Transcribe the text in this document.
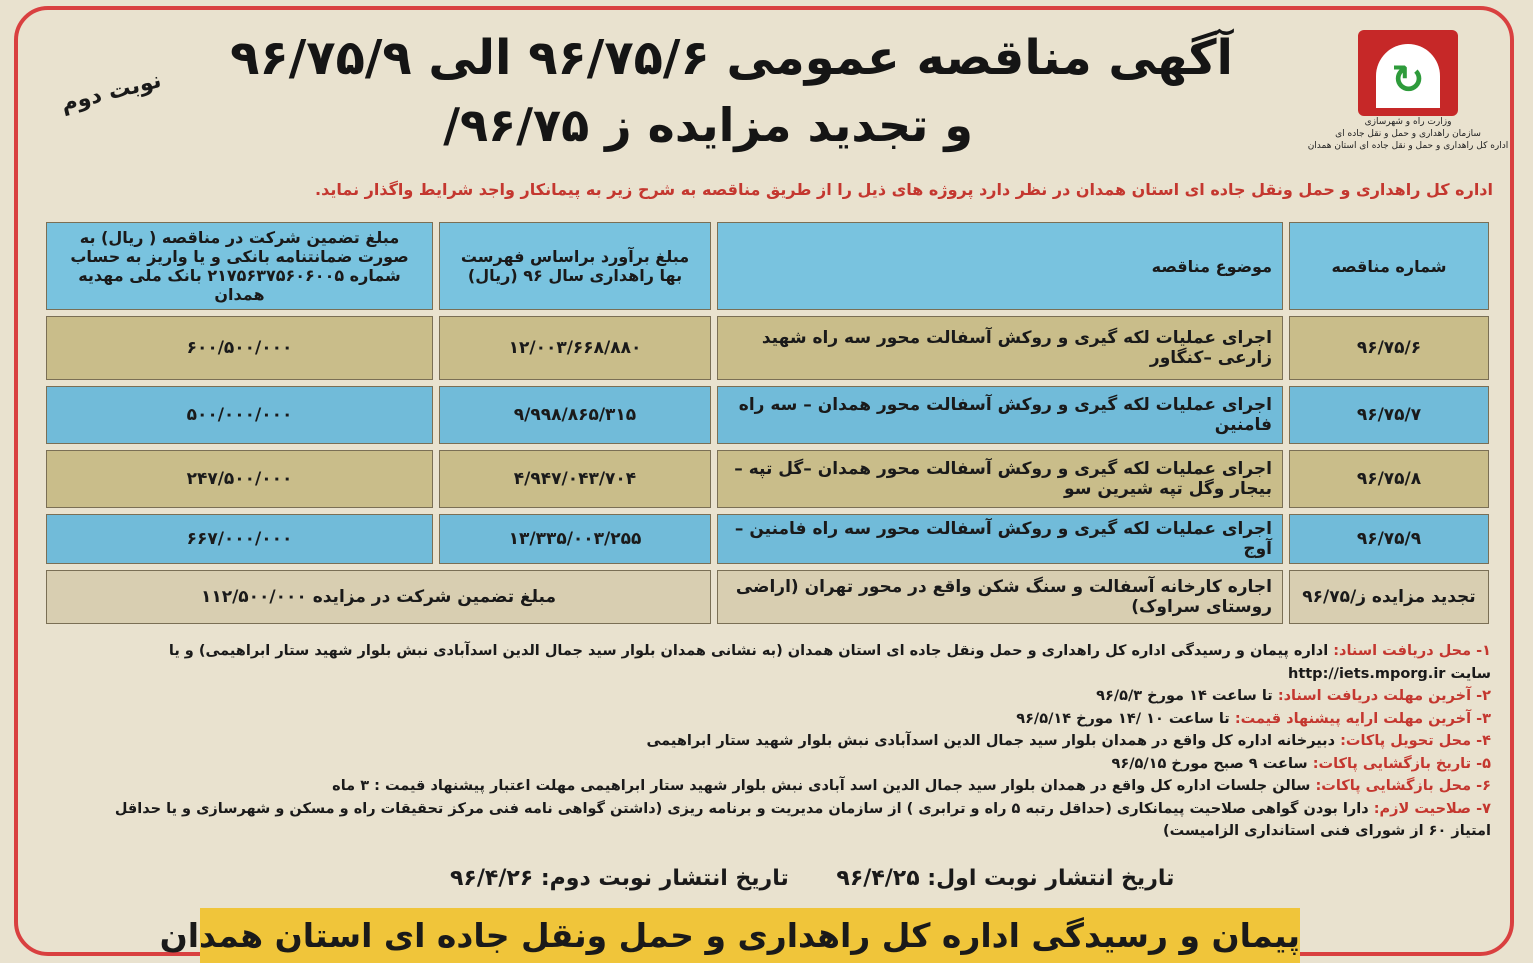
↻
وزارت راه و شهرسازی
سازمان راهداری و حمل و نقل جاده ای
اداره کل راهداری و حمل و نقل جاده ای استان همدان
نوبت دوم
آگهی مناقصه عمومی ۹۶/۷۵/۶ الی ۹۶/۷۵/۹
و تجدید مزایده ز ۹۶/۷۵/
اداره کل راهداری و حمل ونقل جاده ای استان همدان در نظر دارد پروژه های ذیل را از طریق مناقصه به شرح زیر به پیمانکار واجد شرایط واگذار نماید.
شماره مناقصه	موضوع مناقصه	مبلغ برآورد براساس فهرست بها راهداری سال ۹۶ (ریال)	مبلغ تضمین شرکت در مناقصه ( ریال) به صورت ضمانتنامه بانکی و یا واریز به حساب شماره ۲۱۷۵۶۳۷۵۶۰۶۰۰۵ بانک ملی مهدیه همدان
۹۶/۷۵/۶	اجرای عملیات لکه گیری و روکش آسفالت محور سه راه شهید زارعی –کنگاور	۱۲/۰۰۳/۶۶۸/۸۸۰	۶۰۰/۵۰۰/۰۰۰
۹۶/۷۵/۷	اجرای عملیات لکه گیری و روکش آسفالت محور همدان – سه راه فامنین	۹/۹۹۸/۸۶۵/۳۱۵	۵۰۰/۰۰۰/۰۰۰
۹۶/۷۵/۸	اجرای عملیات لکه گیری و روکش آسفالت محور همدان –گل تپه – بیجار وگل تپه شیرین سو	۴/۹۴۷/۰۴۳/۷۰۴	۲۴۷/۵۰۰/۰۰۰
۹۶/۷۵/۹	اجرای عملیات لکه گیری و روکش آسفالت محور سه راه فامنین – آوج	۱۳/۳۳۵/۰۰۳/۲۵۵	۶۶۷/۰۰۰/۰۰۰
تجدید مزایده ز/۹۶/۷۵	اجاره کارخانه آسفالت و سنگ شکن واقع در محور تهران (اراضی روستای سراوک)	مبلغ تضمین شرکت در مزایده ۱۱۲/۵۰۰/۰۰۰	
۱- محل دریافت اسناد: اداره پیمان و رسیدگی اداره کل راهداری و حمل ونقل جاده ای استان همدان (به نشانی همدان بلوار سید جمال الدین اسدآبادی نبش بلوار شهید ستار ابراهیمی) و یا
سایت http://iets.mporg.ir
۲- آخرین مهلت دریافت اسناد: تا ساعت ۱۴ مورخ ۹۶/۵/۳
۳- آخرین مهلت ارایه پیشنهاد قیمت: تا ساعت ۱۰ /۱۴ مورخ ۹۶/۵/۱۴
۴- محل تحویل پاکات: دبیرخانه اداره کل واقع در همدان بلوار سید جمال الدین اسدآبادی نبش بلوار شهید ستار ابراهیمی
۵- تاریخ بازگشایی پاکات: ساعت ۹ صبح مورخ ۹۶/۵/۱۵
۶- محل بازگشایی پاکات: سالن جلسات اداره کل واقع در همدان بلوار سید جمال الدین اسد آبادی نبش بلوار شهید ستار ابراهیمی مهلت اعتبار پیشنهاد قیمت : ۳ ماه
۷- صلاحیت لازم: دارا بودن گواهی صلاحیت پیمانکاری (حداقل رتبه ۵ راه و ترابری ) از سازمان مدیریت و برنامه ریزی (داشتن گواهی نامه فنی مرکز تحقیقات راه و مسکن و شهرسازی و یا حداقل
امتیاز ۶۰ از شورای فنی استانداری الزامیست)
تاریخ انتشار نوبت اول: ۹۶/۴/۲۵ تاریخ انتشار نوبت دوم: ۹۶/۴/۲۶
پیمان و رسیدگی اداره کل راهداری و حمل ونقل جاده ای استان همدان
